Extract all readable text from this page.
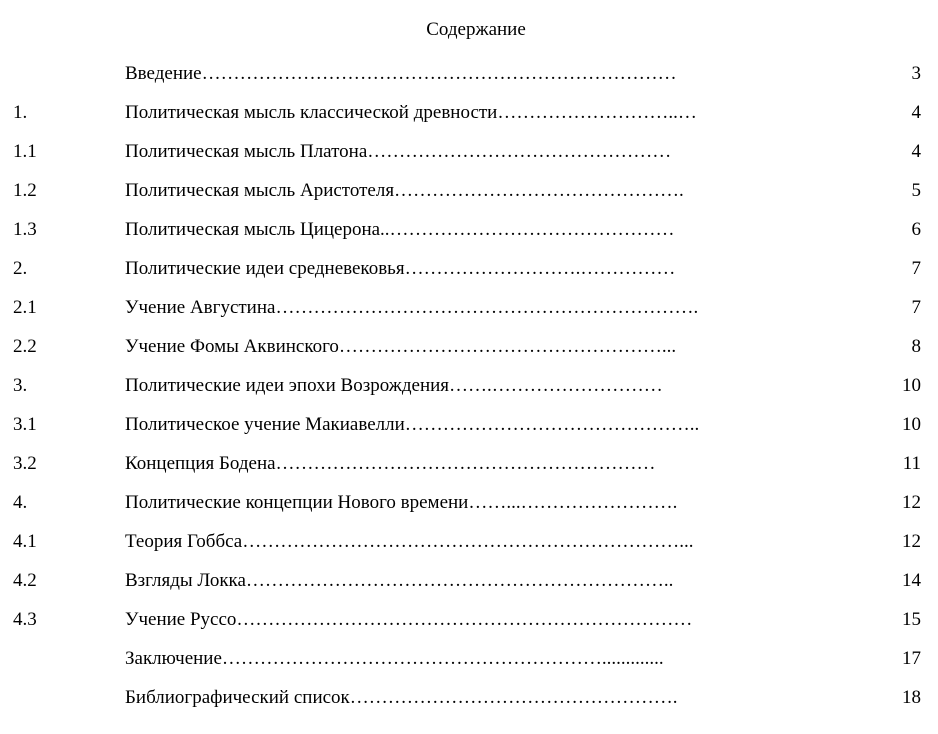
Содержание
Введение…………………………………………………………………	3
1.	Политическая мысль классической древности………………………..…	4
1.1	Политическая мысль Платона…………………………………………	4
1.2	Политическая мысль Аристотеля……………………………………….	5
1.3	Политическая мысль Цицерона..………………………………………	6
2.	Политические идеи средневековья……………………….……………	7
2.1	Учение Августина………………………………………………………….	7
2.2	Учение Фомы Аквинского……………………………………………...	8
3.	Политические идеи эпохи Возрождения…….………………………	10
3.1	Политическое учение Макиавелли………………………………………..	10
3.2	Концепция Бодена……………………………………………………	11
4.	Политические концепции Нового времени……...…………………….	12
4.1	Теория Гоббса……………………………………………………………...	12
4.2	Взгляды Локка…………………………………………………………..	14
4.3	Учение Руссо………………………………………………………………	15
Заключение…………………………………………………….............	17
Библиографический список…………………………………………….	18
